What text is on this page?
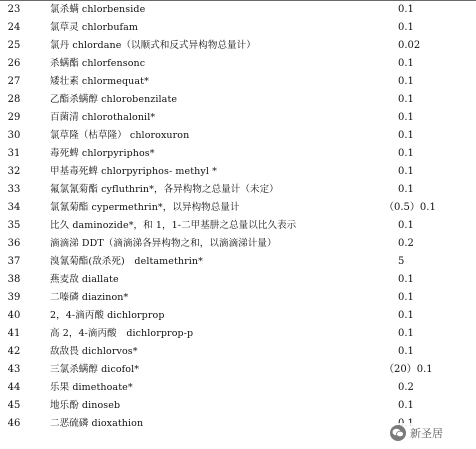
23	氯杀螨 chlorbenside	0.1
24	氯草灵 chlorbufam	0.1
25	氯丹 chlordane（以顺式和反式异构物总量计）	0.02
26	杀螨酯 chlorfensonc	0.1
27	矮壮素 chlormequat*	0.1
28	乙酯杀螨醇 chlorobenzilate	0.1
29	百菌清 chlorothalonil*	0.1
30	氯草隆（枯草隆） chloroxuron	0.1
31	毒死蜱 chlorpyriphos*	0.1
32	甲基毒死蜱 chlorpyriphos- methyl *	0.1
33	氟氯氰菊酯 cyfluthrin*，各异构物之总量计（未定）	0.1
34	氯氰菊酯 cypermethrin*，以异构物总量计	（0.5）0.1
35	比久 daminozide*，和 1，1-二甲基肼之总量以比久表示	0.1
36	滴滴涕 DDT（滴滴涕各异构物之和，以滴滴涕计量）	0.2
37	溴氰菊酯(敌杀死)　deltamethrin*	5
38	燕麦敌 diallate	0.1
39	二嗪磷 diazinon*	0.1
40	2，4-滴丙酸 dichlorprop	0.1
41	高 2，4-滴丙酸　dichlorprop-p	0.1
42	敌敌畏 dichlorvos*	0.1
43	三氯杀螨醇 dicofol*	（20）0.1
44	乐果 dimethoate*	0.2
45	地乐酚 dinoseb	0.1
46	二恶硫磷 dioxathion
新圣居
